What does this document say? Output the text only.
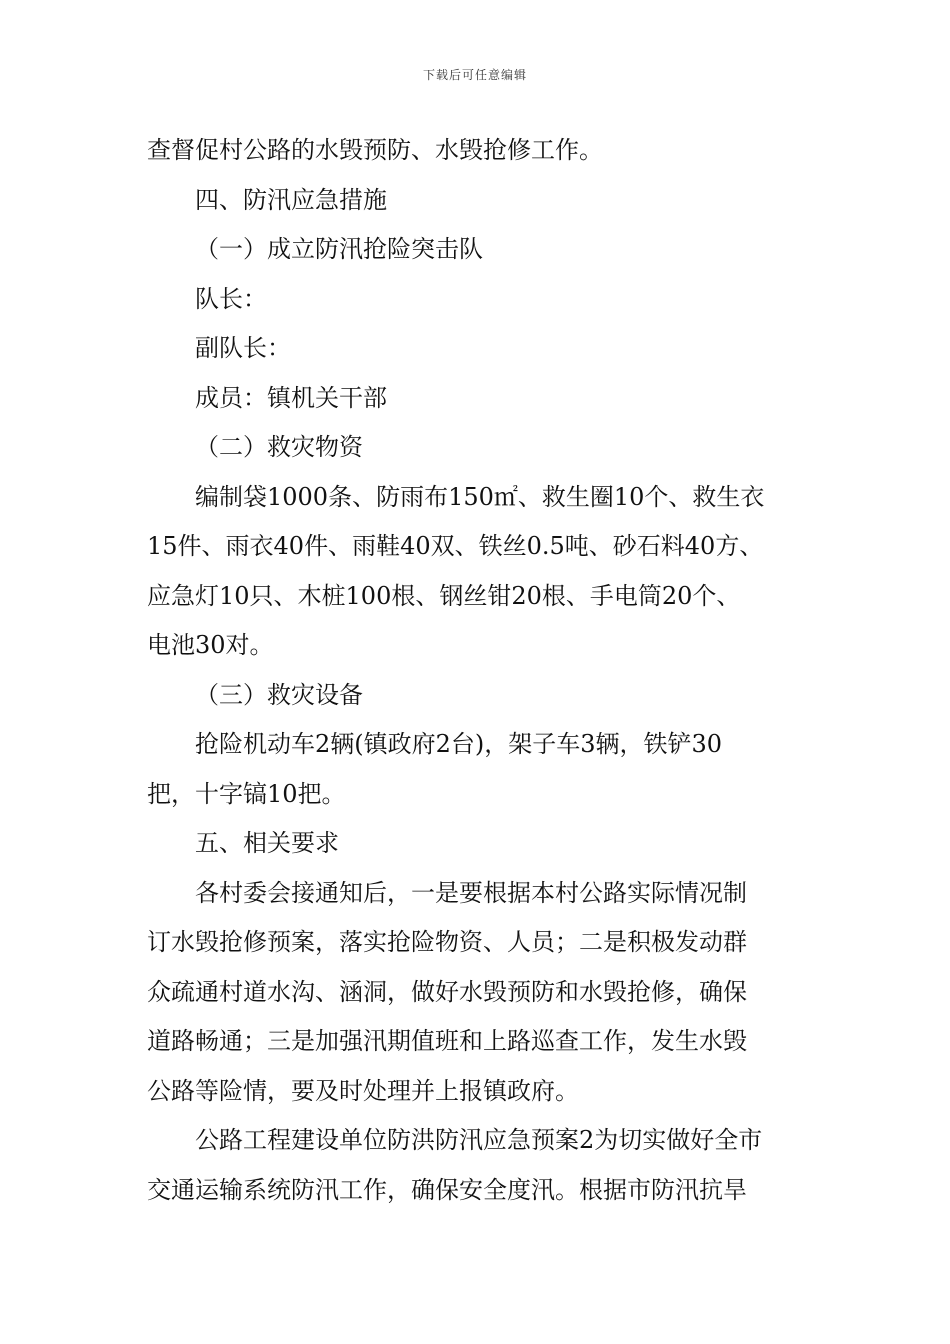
下载后可任意编辑
查督促村公路的水毁预防、水毁抢修工作。
四、防汛应急措施
（一）成立防汛抢险突击队
队长：
副队长：
成员：镇机关干部
（二）救灾物资
编制袋1000条、防雨布150㎡、救生圈10个、救生衣
15件、雨衣40件、雨鞋40双、铁丝0.5吨、砂石料40方、
应急灯10只、木桩100根、钢丝钳20根、手电筒20个、
电池30对。
（三）救灾设备
抢险机动车2辆(镇政府2台)，架子车3辆，铁铲30
把，十字镐10把。
五、相关要求
各村委会接通知后，一是要根据本村公路实际情况制
订水毁抢修预案，落实抢险物资、人员；二是积极发动群
众疏通村道水沟、涵洞，做好水毁预防和水毁抢修，确保
道路畅通；三是加强汛期值班和上路巡查工作，发生水毁
公路等险情，要及时处理并上报镇政府。
公路工程建设单位防洪防汛应急预案2为切实做好全市
交通运输系统防汛工作，确保安全度汛。根据市防汛抗旱
